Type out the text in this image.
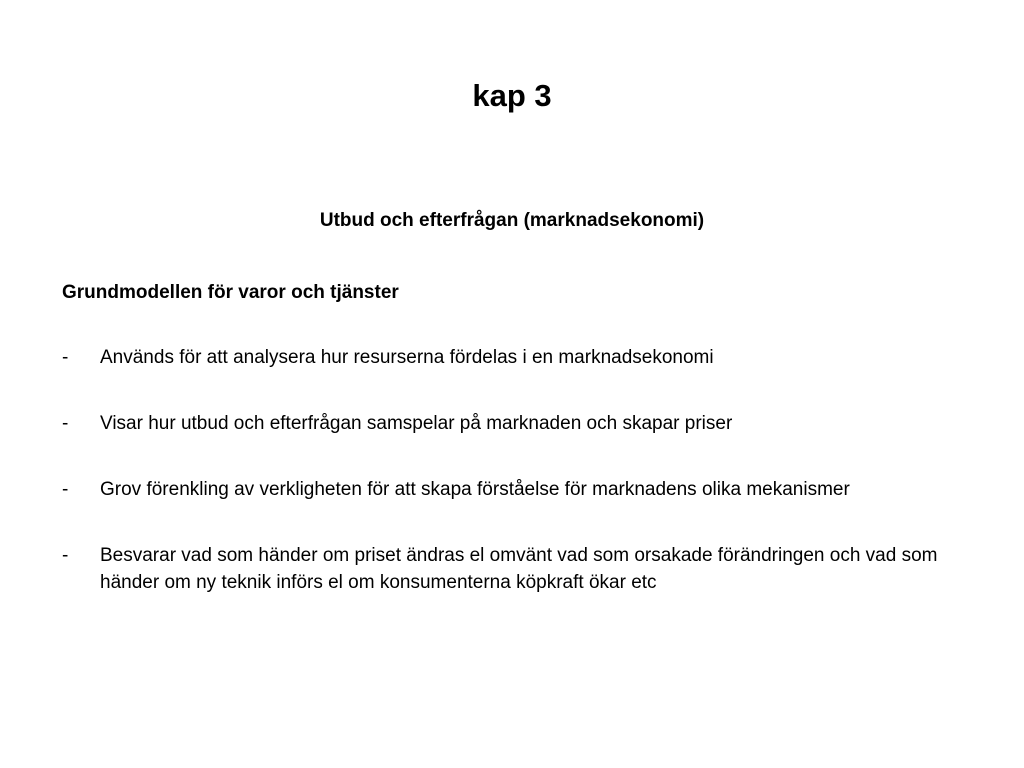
kap 3
Utbud och efterfrågan (marknadsekonomi)
Grundmodellen för varor och tjänster
-	Används för att analysera hur resurserna fördelas i en marknadsekonomi
-	Visar hur utbud och efterfrågan samspelar på marknaden och skapar priser
-	Grov förenkling av verkligheten för att skapa förståelse för marknadens olika mekanismer
-	Besvarar vad som händer om priset ändras el omvänt vad som orsakade förändringen och vad som händer om ny teknik införs el om konsumenterna köpkraft ökar etc
